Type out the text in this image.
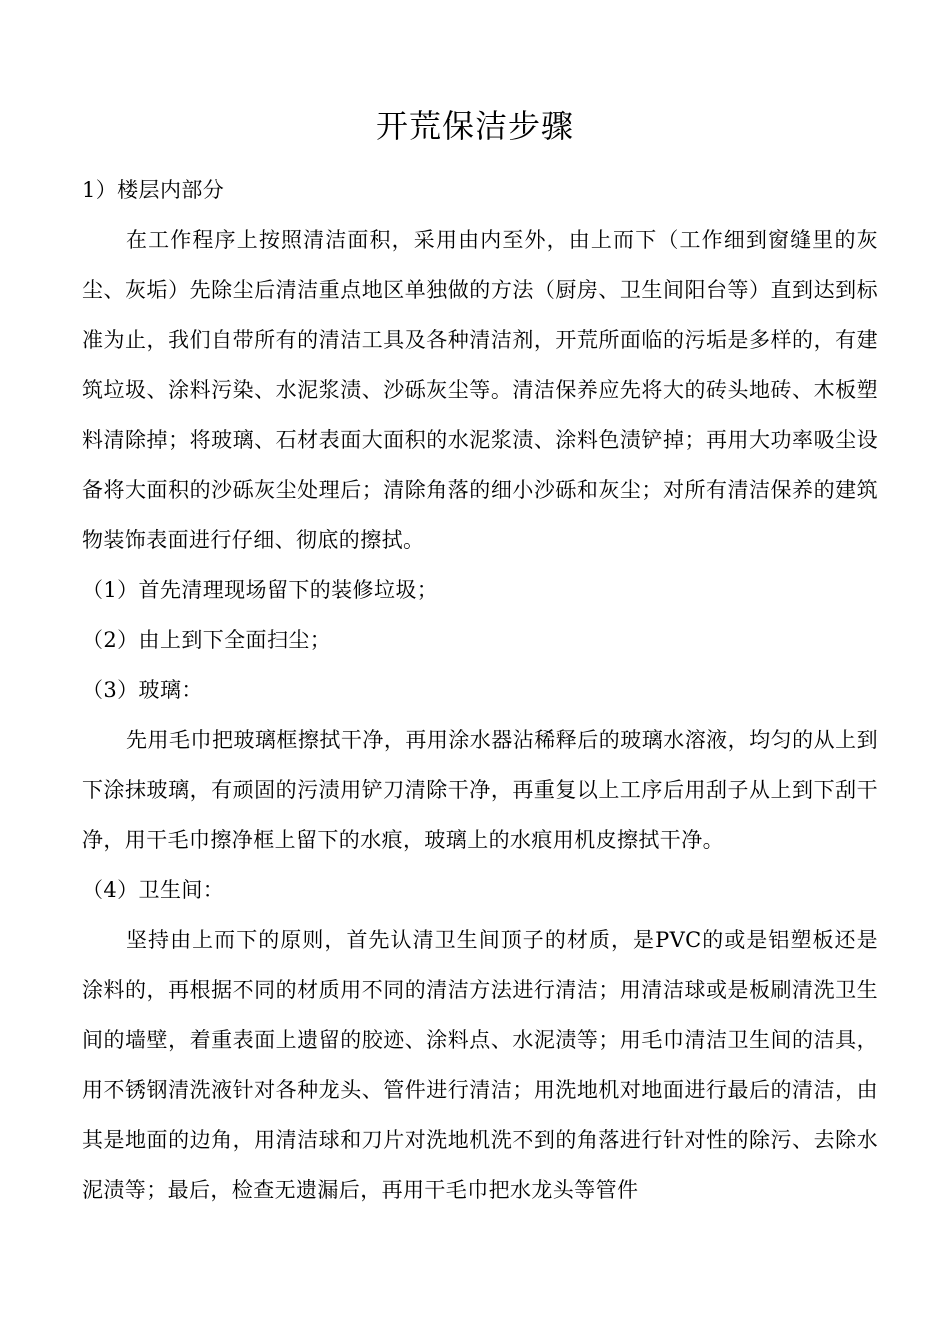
开荒保洁步骤

1）楼层内部分

在工作程序上按照清洁面积，采用由内至外，由上而下（工作细到窗缝里的灰尘、灰垢）先除尘后清洁重点地区单独做的方法（厨房、卫生间阳台等）直到达到标准为止，我们自带所有的清洁工具及各种清洁剂，开荒所面临的污垢是多样的，有建筑垃圾、涂料污染、水泥浆渍、沙砾灰尘等。清洁保养应先将大的砖头地砖、木板塑料清除掉；将玻璃、石材表面大面积的水泥浆渍、涂料色渍铲掉；再用大功率吸尘设备将大面积的沙砾灰尘处理后；清除角落的细小沙砾和灰尘；对所有清洁保养的建筑物装饰表面进行仔细、彻底的擦拭。

（1）首先清理现场留下的装修垃圾；

（2）由上到下全面扫尘；

（3）玻璃：

先用毛巾把玻璃框擦拭干净，再用涂水器沾稀释后的玻璃水溶液，均匀的从上到下涂抹玻璃，有顽固的污渍用铲刀清除干净，再重复以上工序后用刮子从上到下刮干净，用干毛巾擦净框上留下的水痕，玻璃上的水痕用机皮擦拭干净。

（4）卫生间：

坚持由上而下的原则，首先认清卫生间顶子的材质，是PVC的或是铝塑板还是涂料的，再根据不同的材质用不同的清洁方法进行清洁；用清洁球或是板刷清洗卫生间的墙壁，着重表面上遗留的胶迹、涂料点、水泥渍等；用毛巾清洁卫生间的洁具，用不锈钢清洗液针对各种龙头、管件进行清洁；用洗地机对地面进行最后的清洁，由其是地面的边角，用清洁球和刀片对洗地机洗不到的角落进行针对性的除污、去除水泥渍等；最后，检查无遗漏后，再用干毛巾把水龙头等管件
